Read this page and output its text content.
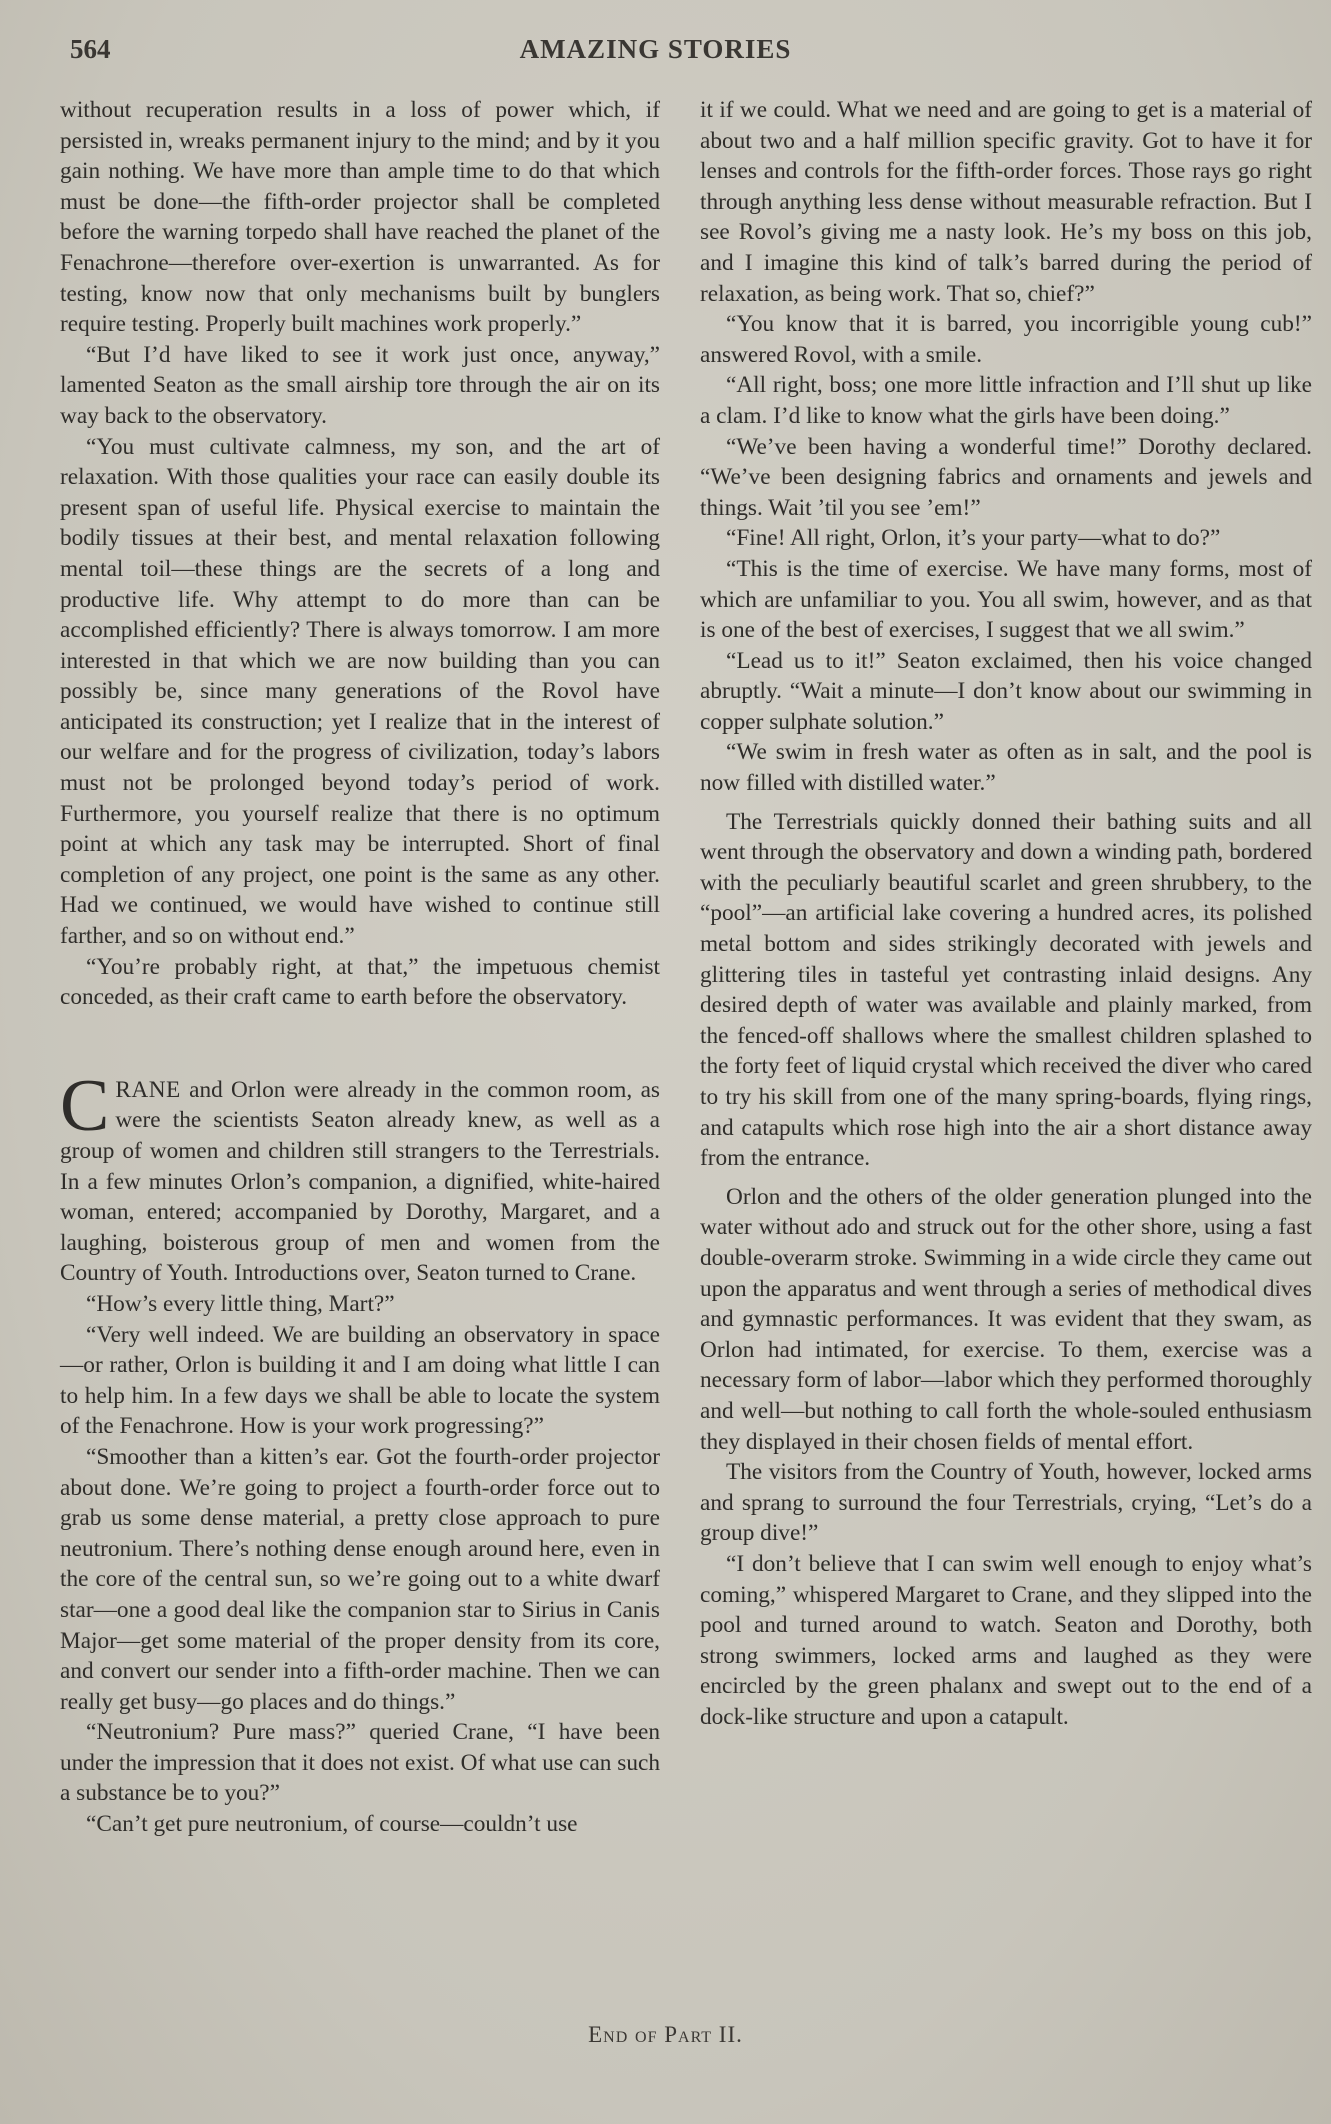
564	AMAZING STORIES

without recuperation results in a loss of power which, if persisted in, wreaks permanent injury to the mind; and by it you gain nothing. We have more than ample time to do that which must be done—the fifth-order projector shall be completed before the warning torpedo shall have reached the planet of the Fenachrone—therefore over-exertion is unwarranted. As for testing, know now that only mechanisms built by bunglers require testing. Properly built machines work properly.”

“But I’d have liked to see it work just once, anyway,” lamented Seaton as the small airship tore through the air on its way back to the observatory.

“You must cultivate calmness, my son, and the art of relaxation. With those qualities your race can easily double its present span of useful life. Physical exercise to maintain the bodily tissues at their best, and mental relaxation following mental toil—these things are the secrets of a long and productive life. Why attempt to do more than can be accomplished efficiently? There is always tomorrow. I am more interested in that which we are now building than you can possibly be, since many generations of the Rovol have anticipated its construction; yet I realize that in the interest of our welfare and for the progress of civilization, today’s labors must not be prolonged beyond today’s period of work. Furthermore, you yourself realize that there is no optimum point at which any task may be interrupted. Short of final completion of any project, one point is the same as any other. Had we continued, we would have wished to continue still farther, and so on without end.”

“You’re probably right, at that,” the impetuous chemist conceded, as their craft came to earth before the observatory.

CRANE and Orlon were already in the common room, as were the scientists Seaton already knew, as well as a group of women and children still strangers to the Terrestrials. In a few minutes Orlon’s companion, a dignified, white-haired woman, entered; accompanied by Dorothy, Margaret, and a laughing, boisterous group of men and women from the Country of Youth. Introductions over, Seaton turned to Crane.

“How’s every little thing, Mart?”

“Very well indeed. We are building an observatory in space—or rather, Orlon is building it and I am doing what little I can to help him. In a few days we shall be able to locate the system of the Fenachrone. How is your work progressing?”

“Smoother than a kitten’s ear. Got the fourth-order projector about done. We’re going to project a fourth-order force out to grab us some dense material, a pretty close approach to pure neutronium. There’s nothing dense enough around here, even in the core of the central sun, so we’re going out to a white dwarf star—one a good deal like the companion star to Sirius in Canis Major—get some material of the proper density from its core, and convert our sender into a fifth-order machine. Then we can really get busy—go places and do things.”

“Neutronium? Pure mass?” queried Crane, “I have been under the impression that it does not exist. Of what use can such a substance be to you?”

“Can’t get pure neutronium, of course—couldn’t use

it if we could. What we need and are going to get is a material of about two and a half million specific gravity. Got to have it for lenses and controls for the fifth-order forces. Those rays go right through anything less dense without measurable refraction. But I see Rovol’s giving me a nasty look. He’s my boss on this job, and I imagine this kind of talk’s barred during the period of relaxation, as being work. That so, chief?”

“You know that it is barred, you incorrigible young cub!” answered Rovol, with a smile.

“All right, boss; one more little infraction and I’ll shut up like a clam. I’d like to know what the girls have been doing.”

“We’ve been having a wonderful time!” Dorothy declared. “We’ve been designing fabrics and ornaments and jewels and things. Wait ’til you see ’em!”

“Fine! All right, Orlon, it’s your party—what to do?”

“This is the time of exercise. We have many forms, most of which are unfamiliar to you. You all swim, however, and as that is one of the best of exercises, I suggest that we all swim.”

“Lead us to it!” Seaton exclaimed, then his voice changed abruptly. “Wait a minute—I don’t know about our swimming in copper sulphate solution.”

“We swim in fresh water as often as in salt, and the pool is now filled with distilled water.”

The Terrestrials quickly donned their bathing suits and all went through the observatory and down a winding path, bordered with the peculiarly beautiful scarlet and green shrubbery, to the “pool”—an artificial lake covering a hundred acres, its polished metal bottom and sides strikingly decorated with jewels and glittering tiles in tasteful yet contrasting inlaid designs. Any desired depth of water was available and plainly marked, from the fenced-off shallows where the smallest children splashed to the forty feet of liquid crystal which received the diver who cared to try his skill from one of the many spring-boards, flying rings, and catapults which rose high into the air a short distance away from the entrance.

Orlon and the others of the older generation plunged into the water without ado and struck out for the other shore, using a fast double-overarm stroke. Swimming in a wide circle they came out upon the apparatus and went through a series of methodical dives and gymnastic performances. It was evident that they swam, as Orlon had intimated, for exercise. To them, exercise was a necessary form of labor—labor which they performed thoroughly and well—but nothing to call forth the whole-souled enthusiasm they displayed in their chosen fields of mental effort.

The visitors from the Country of Youth, however, locked arms and sprang to surround the four Terrestrials, crying, “Let’s do a group dive!”

“I don’t believe that I can swim well enough to enjoy what’s coming,” whispered Margaret to Crane, and they slipped into the pool and turned around to watch. Seaton and Dorothy, both strong swimmers, locked arms and laughed as they were encircled by the green phalanx and swept out to the end of a dock-like structure and upon a catapult.

End of Part II.
